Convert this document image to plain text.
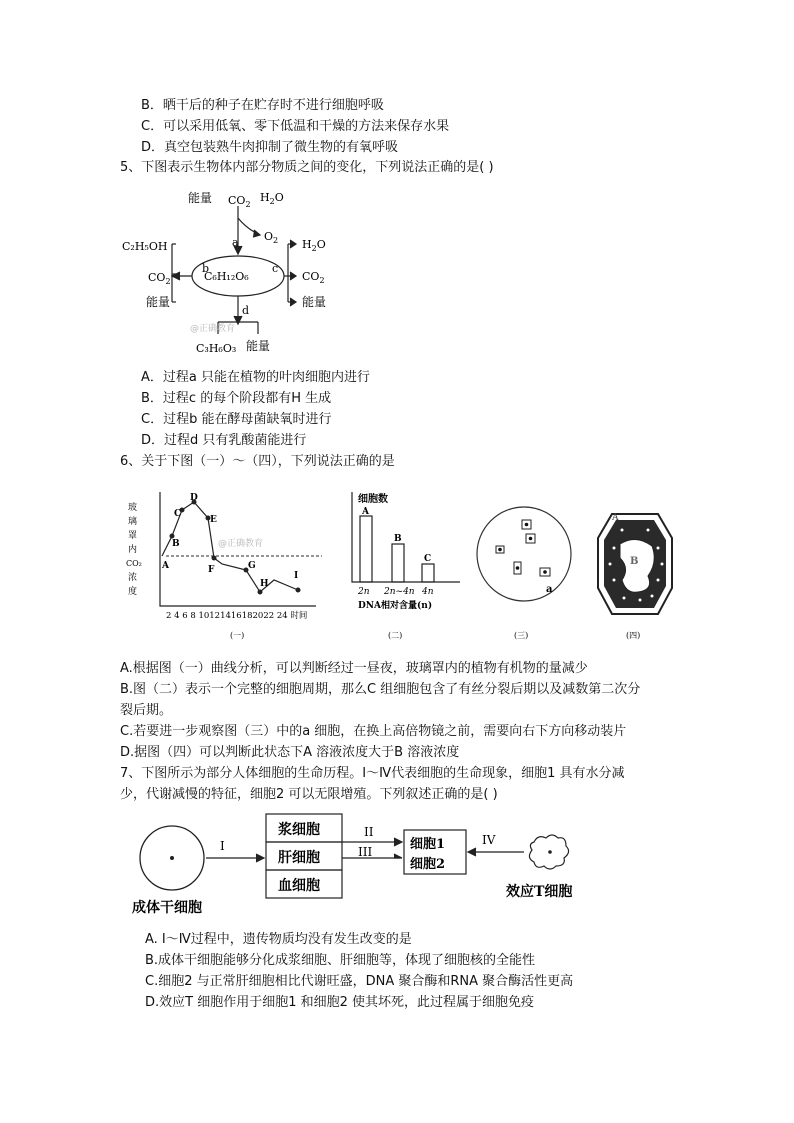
B．晒干后的种子在贮存时不进行细胞呼吸
C．可以采用低氧、零下低温和干燥的方法来保存水果
D．真空包装熟牛肉抑制了微生物的有氧呼吸
5、下图表示生物体内部分物质之间的变化，下列说法正确的是( )
能量 $CO_2$
$H_2O$
$O_2$
a
C₂H₅OH
$CO_2$
能量
b
C₆H₁₂O₆
c
$H_2O$
$CO_2$
能量
d
@正确教育
C₃H₆O₃ 能量
A．过程a 只能在植物的叶肉细胞内进行
B．过程c 的每个阶段都有H 生成
C．过程b 能在酵母菌缺氧时进行
D．过程d 只有乳酸菌能进行
6、关于下图（一）～（四），下列说法正确的是
玻
璃
罩
内
CO₂
浓
度
A
B
C
D
E
F	G
H
I
@正确教育
2 4 6 8 10121416182022 24 时间
(一)
细胞数
A
B
C
2n 2n~4n 4n
DNA相对含量(n)
(二)
a
(三)
A
B
(四)
A.根据图（一）曲线分析，可以判断经过一昼夜，玻璃罩内的植物有机物的量减少
B.图（二）表示一个完整的细胞周期，那么C 组细胞包含了有丝分裂后期以及减数第二次分
裂后期。
C.若要进一步观察图（三）中的a 细胞，在换上高倍物镜之前，需要向右下方向移动装片
D.据图（四）可以判断此状态下A 溶液浓度大于B 溶液浓度
7、下图所示为部分人体细胞的生命历程。Ⅰ～Ⅳ代表细胞的生命现象，细胞1 具有水分减
少，代谢减慢的特征，细胞2 可以无限增殖。下列叙述正确的是( )
成体干细胞
I
II
III
IV
浆细胞
肝细胞
血细胞
细胞1
细胞2
效应T细胞
A. Ⅰ～Ⅳ过程中，遗传物质均没有发生改变的是
B.成体干细胞能够分化成浆细胞、肝细胞等，体现了细胞核的全能性
C.细胞2 与正常肝细胞相比代谢旺盛，DNA 聚合酶和RNA 聚合酶活性更高
D.效应T 细胞作用于细胞1 和细胞2 使其坏死，此过程属于细胞免疫
